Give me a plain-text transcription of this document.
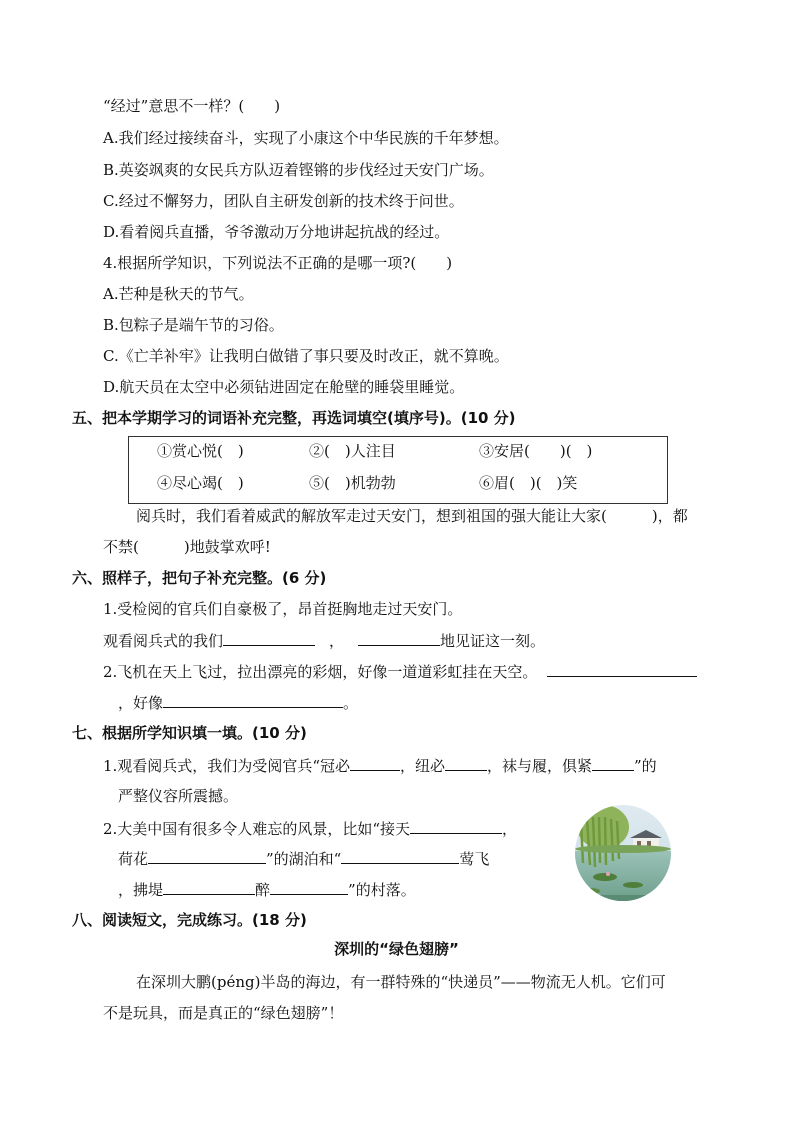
“经过”意思不一样？(　　)
A.我们经过接续奋斗，实现了小康这个中华民族的千年梦想。
B.英姿飒爽的女民兵方队迈着铿锵的步伐经过天安门广场。
C.经过不懈努力，团队自主研发创新的技术终于问世。
D.看着阅兵直播，爷爷激动万分地讲起抗战的经过。
4.根据所学知识，下列说法不正确的是哪一项?(　　)
A.芒种是秋天的节气。
B.包粽子是端午节的习俗。
C.《亡羊补牢》让我明白做错了事只要及时改正，就不算晚。
D.航天员在太空中必须钻进固定在舱壁的睡袋里睡觉。
五、把本学期学习的词语补充完整，再选词填空(填序号)。(10 分)
①赏心悦(　)	②(　)人注目	③安居(　　)(　)
④尽心竭(　)	⑤(　)机勃勃	⑥眉(　)(　)笑
阅兵时，我们看着威武的解放军走过天安门，想到祖国的强大能让大家(　　　)，都
不禁(　　　)地鼓掌欢呼!
六、照样子，把句子补充完整。(6 分)
1.受检阅的官兵们自豪极了，昂首挺胸地走过天安门。
观看阅兵式的我们	，	地见证这一刻。
2.飞机在天上飞过，拉出漂亮的彩烟，好像一道道彩虹挂在天空。
，好像	。
七、根据所学知识填一填。(10 分)
1.观看阅兵式，我们为受阅官兵“冠必	，纽必	，袜与履，俱紧	”的
严整仪容所震撼。
2.大美中国有很多令人难忘的风景，比如“接天	，
荷花	”的湖泊和“	莺飞
，拂堤	醉	”的村落。
八、阅读短文，完成练习。(18 分)
深圳的“绿色翅膀”
在深圳大鹏(péng)半岛的海边，有一群特殊的“快递员”——物流无人机。它们可
不是玩具，而是真正的“绿色翅膀”！
